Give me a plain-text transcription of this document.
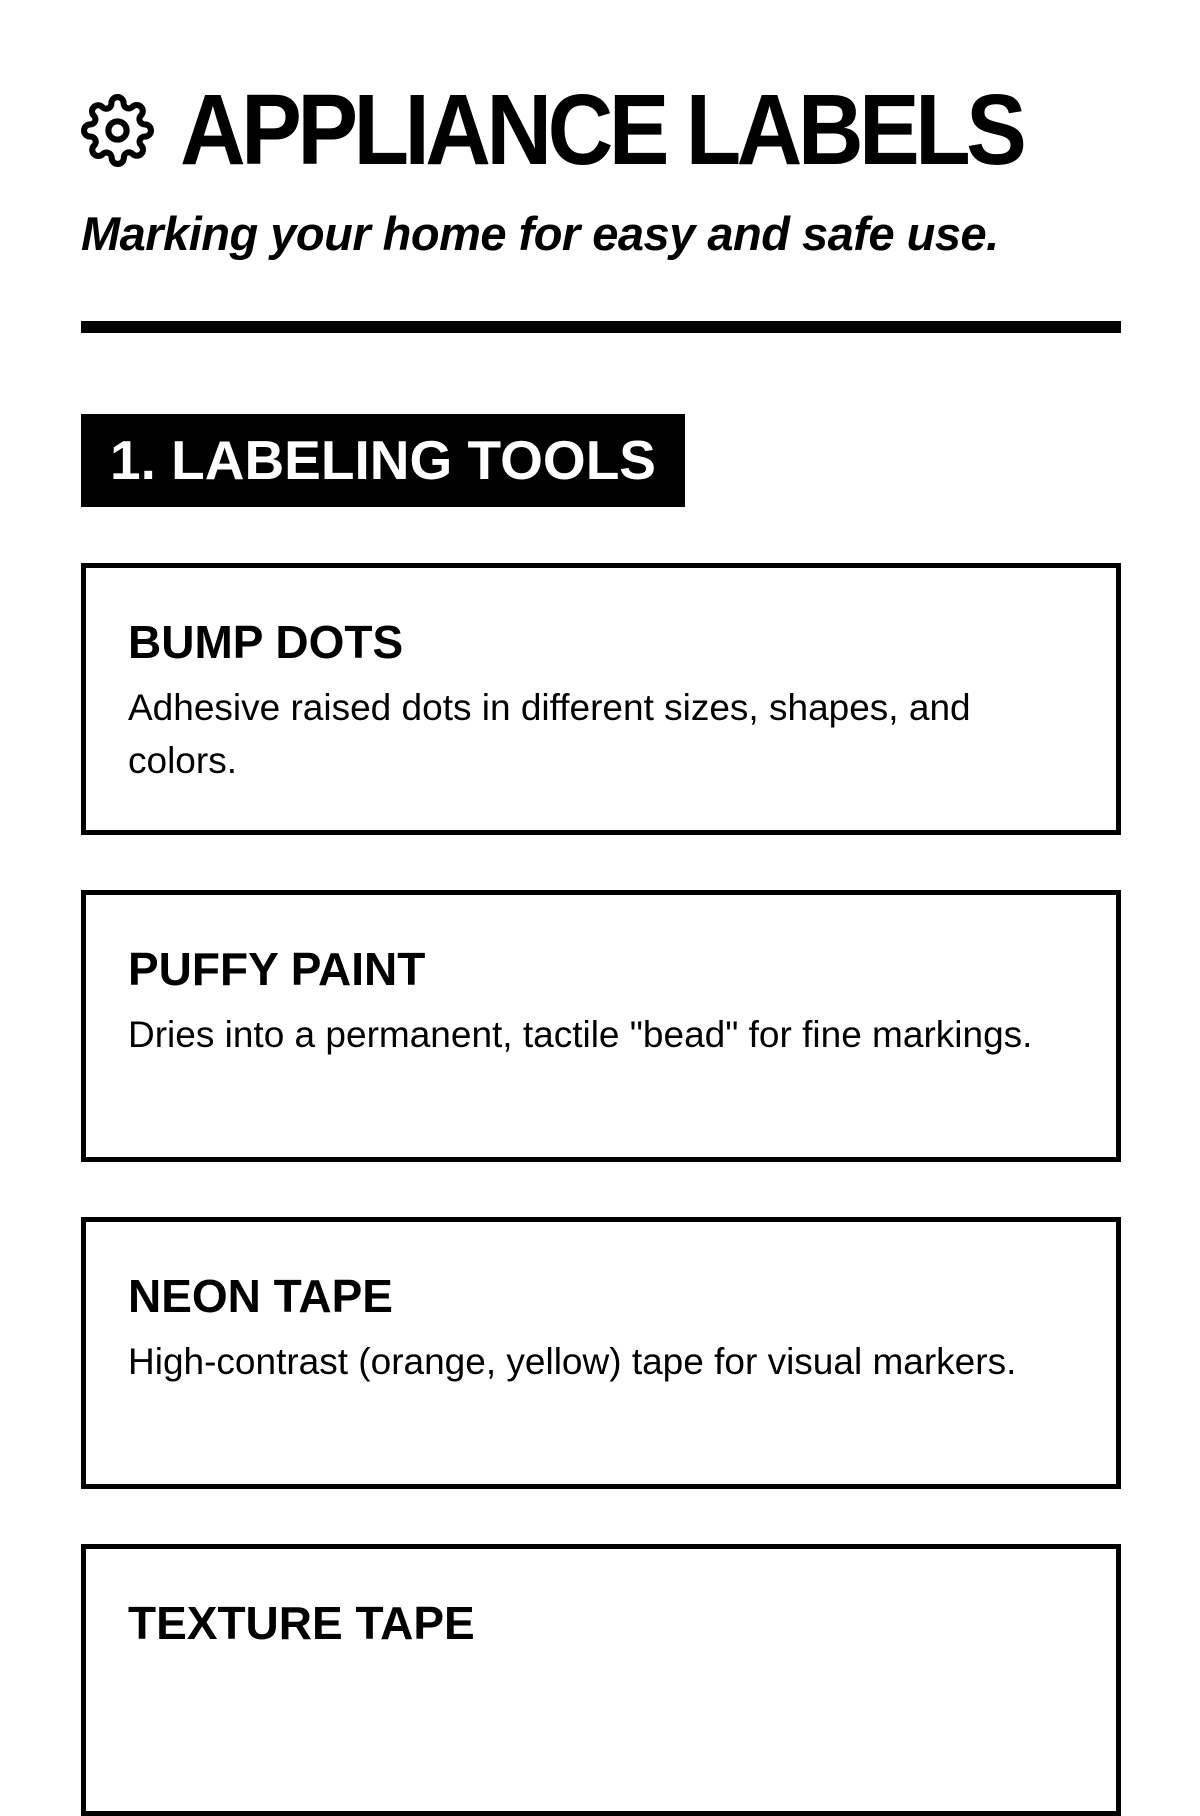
APPLIANCE LABELS
Marking your home for easy and safe use.
1. LABELING TOOLS
BUMP DOTS
Adhesive raised dots in different sizes, shapes, and colors.
PUFFY PAINT
Dries into a permanent, tactile "bead" for fine markings.
NEON TAPE
High-contrast (orange, yellow) tape for visual markers.
TEXTURE TAPE
